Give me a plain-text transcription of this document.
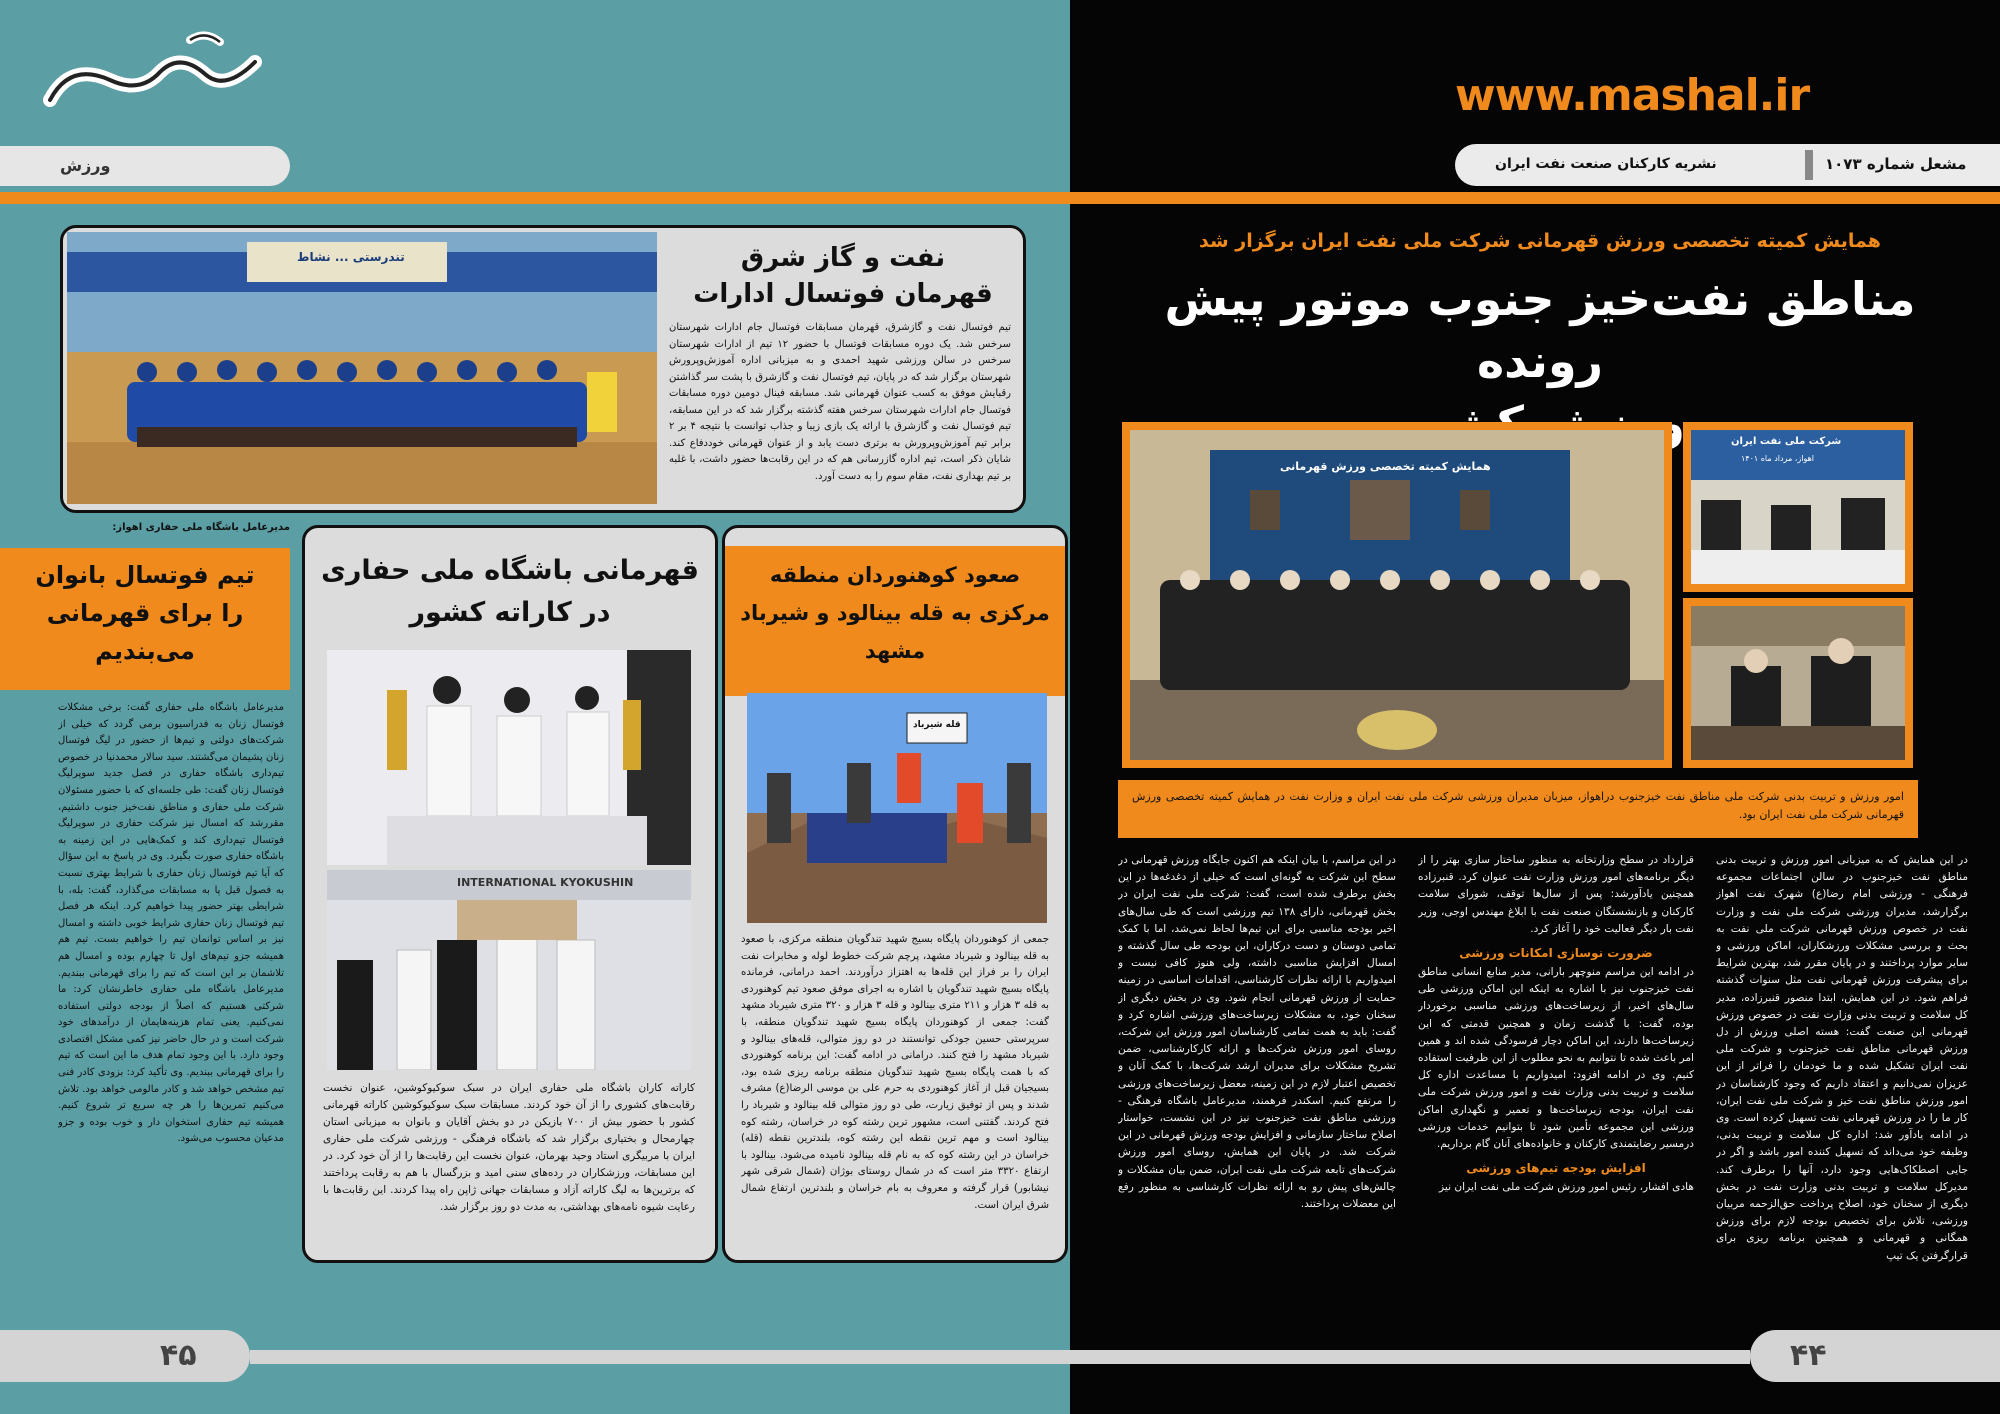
ورزش
تندرستی ... نشاط	نفت و گاز شرق
قهرمان فوتسال ادارات
تیم فوتسال نفت و گازشرق، قهرمان مسابقات فوتسال جام ادارات شهرستان سرخس شد. یک دوره مسابقات فوتسال با حضور ۱۲ تیم از ادارات شهرستان سرخس در سالن ورزشی شهید احمدی و به میزبانی اداره آموزش‌وپرورش شهرستان برگزار شد که در پایان، تیم فوتسال نفت و گازشرق با پشت سر گذاشتن رقبایش موفق به کسب عنوان قهرمانی شد. مسابقه فینال دومین دوره مسابقات فوتسال جام ادارات شهرستان سرخس هفته گذشته برگزار شد که در این مسابقه، تیم فوتسال نفت و گازشرق با ارائه یک بازی زیبا و جذاب توانست با نتیجه ۴ بر ۲ برابر تیم آموزش‌وپرورش به برتری دست یابد و از عنوان قهرمانی خوددفاع کند. شایان ذکر است، تیم اداره گازرسانی هم که در این رقابت‌ها حضور داشت، با غلبه بر تیم بهداری نفت، مقام سوم را به دست آورد.
مدیرعامل باشگاه ملی حفاری اهواز:
تیم فوتسال بانوان
را برای قهرمانی
می‌بندیم
مدیرعامل باشگاه ملی حفاری گفت: برخی مشکلات فوتسال زنان به فدراسیون برمی گردد که خیلی از شرکت‌های دولتی و تیم‌ها از حضور در لیگ فوتسال زنان پشیمان می‌گشتند. سید سالار محمدنیا در خصوص تیم‌داری باشگاه حفاری در فصل جدید سوپرلیگ فوتسال زنان گفت: طی جلسه‌ای که با حضور مسئولان شرکت ملی حفاری و مناطق نفت‌خیز جنوب داشتیم، مقررشد که امسال نیز شرکت حفاری در سوپرلیگ فوتسال تیم‌داری کند و کمک‌هایی در این زمینه به باشگاه حفاری صورت بگیرد. وی در پاسخ به این سؤال که آیا تیم فوتسال زنان حفاری با شرایط بهتری نسبت به فصول قبل پا به مسابقات می‌گذارد، گفت: بله، با شرایطی بهتر حضور پیدا خواهیم کرد. اینکه هر فصل تیم فوتسال زنان حفاری شرایط خوبی داشته و امسال نیز بر اساس توانمان تیم را خواهیم بست. تیم هم همیشه جزو تیم‌های اول تا چهارم بوده و امسال هم تلاشمان بر این است که تیم را برای قهرمانی ببندیم. مدیرعامل باشگاه ملی حفاری خاطرنشان کرد: ما شرکتی هستیم که اصلاً از بودجه دولتی استفاده نمی‌کنیم. یعنی تمام هزینه‌هایمان از درآمدهای خود شرکت است و در حال حاضر نیز کمی مشکل اقتصادی وجود دارد. با این وجود تمام هدف ما این است که تیم را برای قهرمانی ببندیم. وی تأکید کرد: بزودی کادر فنی تیم مشخص خواهد شد و کادر مالومی خواهد بود. تلاش می‌کنیم تمرین‌ها را هر چه سریع تر شروع کنیم. همیشه تیم حفاری استخوان دار و خوب بوده و جزو مدعیان محسوب می‌شود.
قهرمانی باشگاه ملی حفاری
در کاراته کشور
INTERNATIONAL KYOKUSHIN
کاراته کاران باشگاه ملی حفاری ایران در سبک سوکیوکوشین، عنوان نخست رقابت‌های کشوری را از آن خود کردند. مسابقات سبک سوکیوکوشین کاراته قهرمانی کشور با حضور بیش از ۷۰۰ بازیکن در دو بخش آقایان و بانوان به میزبانی استان چهارمحال و بختیاری برگزار شد که باشگاه فرهنگی - ورزشی شرکت ملی حفاری ایران با مربیگری استاد وحید بهرمان، عنوان نخست این رقابت‌ها را از آن خود کرد. در این مسابقات، ورزشکاران در رده‌های سنی امید و بزرگسال با هم به رقابت پرداختند که برترین‌ها به لیگ کاراته آزاد و مسابقات جهانی ژاپن راه پیدا کردند. این رقابت‌ها با رعایت شیوه نامه‌های بهداشتی، به مدت دو روز برگزار شد.
صعود کوهنوردان منطقه
مرکزی به قله بینالود و شیرباد
مشهد
قله شیرباد
جمعی از کوهنوردان پایگاه بسیج شهید تندگویان منطقه مرکزی، با صعود به قله بینالود و شیرباد مشهد، پرچم شرکت خطوط لوله و مخابرات نفت ایران را بر فراز این قله‌ها به اهتزاز درآوردند. احمد درامانی، فرمانده پایگاه بسیج شهید تندگویان با اشاره به اجرای موفق صعود تیم کوهنوردی به قله ۳ هزار و ۲۱۱ متری بینالود و قله ۳ هزار و ۳۲۰ متری شیرباد مشهد گفت: جمعی از کوهنوردان پایگاه بسیج شهید تندگویان منطقه، با سرپرستی حسین جودکی توانستند در دو روز متوالی، قله‌های بینالود و شیرباد مشهد را فتح کنند. درامانی در ادامه گفت: این برنامه کوهنوردی که با همت پایگاه بسیج شهید تندگویان منطقه برنامه ریزی شده بود، بسیجیان قبل از آغاز کوهنوردی به حرم علی بن موسی الرضا(ع) مشرف شدند و پس از توفیق زیارت، طی دو روز متوالی قله بینالود و شیرباد را فتح کردند. گفتنی است، مشهور ترین رشته کوه در خراسان، رشته کوه بینالود است و مهم ترین نقطه این رشته کوه، بلندترین نقطه (قله) خراسان در این رشته کوه که به نام قله بینالود نامیده می‌شود. بینالود با ارتفاع ۳۳۲۰ متر است که در شمال روستای بوژان (شمال شرقی شهر نیشابور) قرار گرفته و معروف به بام خراسان و بلندترین ارتفاع شمال شرق ایران است.
۴۵
www.mashal.ir
مشعل شماره ۱۰۷۳
نشریه کارکنان صنعت نفت ایران
همایش کمیته تخصصی ورزش قهرمانی شرکت ملی نفت ایران برگزار شد
مناطق نفت‌خیز جنوب موتور پیش رونده
همایش کمیته تخصصی ورزش قهرمانی
شرکت ملی نفت ایران
اهواز، مرداد ماه ۱۴۰۱
امور ورزش و تربیت بدنی شرکت ملی مناطق نفت خیزجنوب دراهواز، میزبان مدیران ورزشی شرکت ملی نفت ایران و وزارت نفت در همایش کمیته تخصصی ورزش قهرمانی شرکت ملی نفت ایران بود.
در این همایش که به میزبانی امور ورزش و تربیت بدنی مناطق نفت خیزجنوب در سالن اجتماعات مجموعه فرهنگی - ورزشی امام رضا(ع) شهرک نفت اهواز برگزارشد، مدیران ورزشی شرکت ملی نفت و وزارت نفت در خصوص ورزش قهرمانی شرکت ملی نفت به بحث و بررسی مشکلات ورزشکاران، اماکن ورزشی و سایر موارد پرداختند و در پایان مقرر شد، بهترین شرایط برای پیشرفت ورزش قهرمانی نفت مثل سنوات گذشته فراهم شود. در این همایش، ابتدا منصور قنبرزاده، مدیر کل سلامت و تربیت بدنی وزارت نفت در خصوص ورزش قهرمانی این صنعت گفت: هسته اصلی ورزش از دل ورزش قهرمانی مناطق نفت خیزجنوب و شرکت ملی نفت ایران تشکیل شده و ما خودمان را فراتر از این عزیزان نمی‌دانیم و اعتقاد داریم که وجود کارشناسان در امور ورزش مناطق نفت خیز و شرکت ملی نفت ایران، کار ما را در ورزش قهرمانی نفت تسهیل کرده است. وی در ادامه یادآور شد: اداره کل سلامت و تربیت بدنی، وظیفه خود می‌داند که تسهیل کننده امور باشد و اگر در جایی اصطکاک‌هایی وجود دارد، آنها را برطرف کند. مدیرکل سلامت و تربیت بدنی وزارت نفت در بخش دیگری از سخنان خود، اصلاح پرداخت حق‌الزحمه مربیان ورزشی، تلاش برای تخصیص بودجه لازم برای ورزش همگانی و قهرمانی و همچنین برنامه ریزی برای قرارگرفتن یک تیپ
قرارداد در سطح وزارتخانه به منظور ساختار سازی بهتر را از دیگر برنامه‌های امور ورزش وزارت نفت عنوان کرد. قنبرزاده همچنین یادآورشد: پس از سال‌ها توقف، شورای سلامت کارکنان و بازنشستگان صنعت نفت با ابلاغ مهندس اوجی، وزیر نفت بار دیگر فعالیت خود را آغاز کرد.
ضرورت نوسازی امکانات ورزشی
در ادامه این مراسم منوچهر بارانی، مدیر منابع انسانی مناطق نفت خیزجنوب نیز با اشاره به اینکه این اماکن ورزشی طی سال‌های اخیر، از زیرساخت‌های ورزشی مناسبی برخوردار بوده، گفت: با گذشت زمان و همچنین قدمتی که این زیرساخت‌ها دارند، این اماکن دچار فرسودگی شده اند و همین امر باعث شده تا نتوانیم به نحو مطلوب از این ظرفیت استفاده کنیم. وی در ادامه افزود: امیدواریم با مساعدت اداره کل سلامت و تربیت بدنی وزارت نفت و امور ورزش شرکت ملی نفت ایران، بودجه زیرساخت‌ها و تعمیر و نگهداری اماکن ورزشی این مجموعه تأمین شود تا بتوانیم خدمات ورزشی درمسیر رضایتمندی کارکنان و خانواده‌های آنان گام برداریم.
افزایش بودجه تیم‌های ورزشی
هادی افشار، رئیس امور ورزش شرکت ملی نفت ایران نیز
در این مراسم، با بیان اینکه هم اکنون جایگاه ورزش قهرمانی در سطح این شرکت به گونه‌ای است که خیلی از دغدغه‌ها در این بخش برطرف شده است، گفت: شرکت ملی نفت ایران در بخش قهرمانی، دارای ۱۳۸ تیم ورزشی است که طی سال‌های اخیر بودجه مناسبی برای این تیم‌ها لحاظ نمی‌شد، اما با کمک تمامی دوستان و دست درکاران، این بودجه طی سال گذشته و امسال افزایش مناسبی داشته، ولی هنوز کافی نیست و امیدواریم با ارائه نظرات کارشناسی، اقدامات اساسی در زمینه حمایت از ورزش قهرمانی انجام شود. وی در بخش دیگری از سخنان خود، به مشکلات زیرساخت‌های ورزشی اشاره کرد و گفت: باید به همت تمامی کارشناسان امور ورزش این شرکت، روسای امور ورزش شرکت‌ها و ارائه کارکارشناسی، ضمن تشریح مشکلات برای مدیران ارشد شرکت‌ها، با کمک آنان و تخصیص اعتبار لازم در این زمینه، معضل زیرساخت‌های ورزشی را مرتفع کنیم. اسکندر فرهمند، مدیرعامل باشگاه فرهنگی - ورزشی مناطق نفت خیزجنوب نیز در این نشست، خواستار اصلاح ساختار سازمانی و افزایش بودجه ورزش قهرمانی در این شرکت شد. در پایان این همایش، روسای امور ورزش شرکت‌های تابعه شرکت ملی نفت ایران، ضمن بیان مشکلات و چالش‌های پیش رو به ارائه نظرات کارشناسی به منظور رفع این معضلات پرداختند.
۴۴
